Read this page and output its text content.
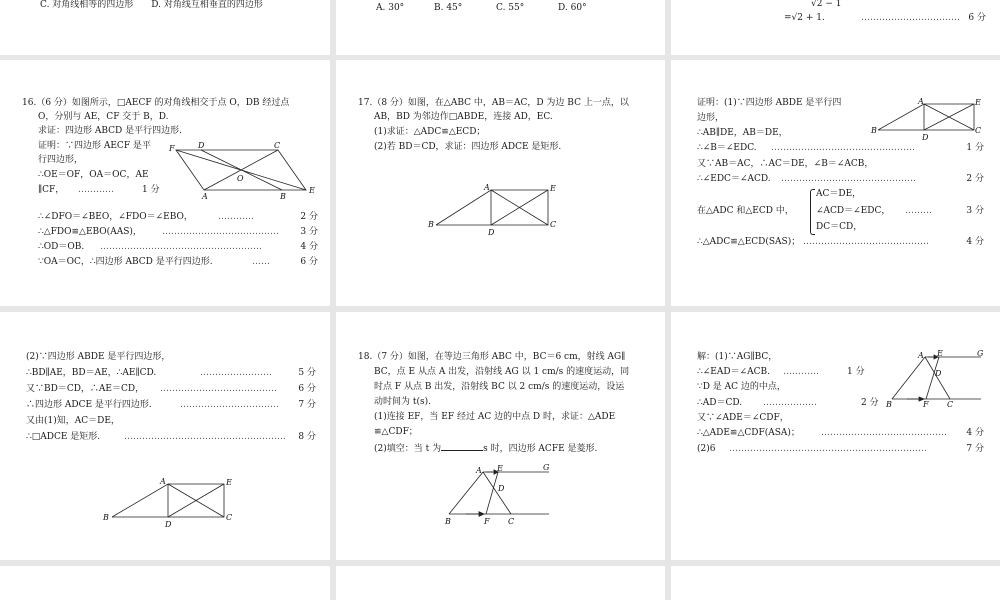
C. 对角线相等的四边形　　D. 对角线互相垂直的四边形	A. 30°	B. 45°	C. 55°	D. 60°	√2 − 1
=√2 + 1.	…………………………… 6 分
16.（6 分）如图所示，□AECF 的对角线相交于点 O，DB 经过点
O，分别与 AE，CF 交于 B，D.
求证：四边形 ABCD 是平行四边形.
证明：∵四边形 AECF 是平
行四边形，
∴OE＝OF，OA＝OC，AE
∥CF， …………	1 分
F	D	C
O
A	B
E
∴∠DFO＝∠BEO，∠FDO＝∠EBO，	…………	2 分
∴△FDO≌△EBO(AAS)， ………………………………… 3 分
∴OD＝OB. ………………………………………………	4 分
∵OA＝OC，∴四边形 ABCD 是平行四边形.	……	6 分
17.（8 分）如图，在△ABC 中，AB＝AC，D 为边 BC 上一点，以
AB，BD 为邻边作□ABDE，连接 AD，EC.
(1)求证：△ADC≌△ECD；
(2)若 BD＝CD，求证：四边形 ADCE 是矩形.
A	E
B
D
C
证明：(1)∵四边形 ABDE 是平行四
边形，
∴AB∥DE，AB＝DE，
∴∠B＝∠EDC. …………………………………………	1 分
又∵AB＝AC，∴AC＝DE，∠B＝∠ACB，
∴∠EDC＝∠ACD. ………………………………………	2 分
在△ADC 和△ECD 中，
AC＝DE，
∠ACD＝∠EDC，
DC＝CD，
………	3 分
∴△ADC≌△ECD(SAS)； ……………………………………	4 分
A	E
B
D
C
(2)∵四边形 ABDE 是平行四边形，
∴BD∥AE，BD＝AE，∴AE∥CD.	……………………	5 分
又∵BD＝CD，∴AE＝CD， ………………………………… 6 分
∴四边形 ADCE 是平行四边形.	…………………………… 7 分
又由(1)知，AC＝DE，
∴□ADCE 是矩形.	……………………………………………… 8 分
A	E
B
D
C
18.（7 分）如图，在等边三角形 ABC 中，BC＝6 cm，射线 AG∥
BC，点 E 从点 A 出发，沿射线 AG 以 1 cm/s 的速度运动，同
时点 F 从点 B 出发，沿射线 BC 以 2 cm/s 的速度运动，设运
动时间为 t(s).
(1)连接 EF，当 EF 经过 AC 边的中点 D 时，求证：△ADE
≌△CDF；
(2)填空：当 t 为	s 时，四边形 ACFE 是菱形.
A E	G
D
B	F C
解：(1)∵AG∥BC，
∴∠EAD＝∠ACB. …………	1 分
∵D 是 AC 边的中点，
∴AD＝CD. ………………	2 分
又∵∠ADE＝∠CDF，
∴△ADE≌△CDF(ASA)； …………………………………… 4 分
(2)6 …………………………………………………………	7 分
A E	G
D
B	F C
